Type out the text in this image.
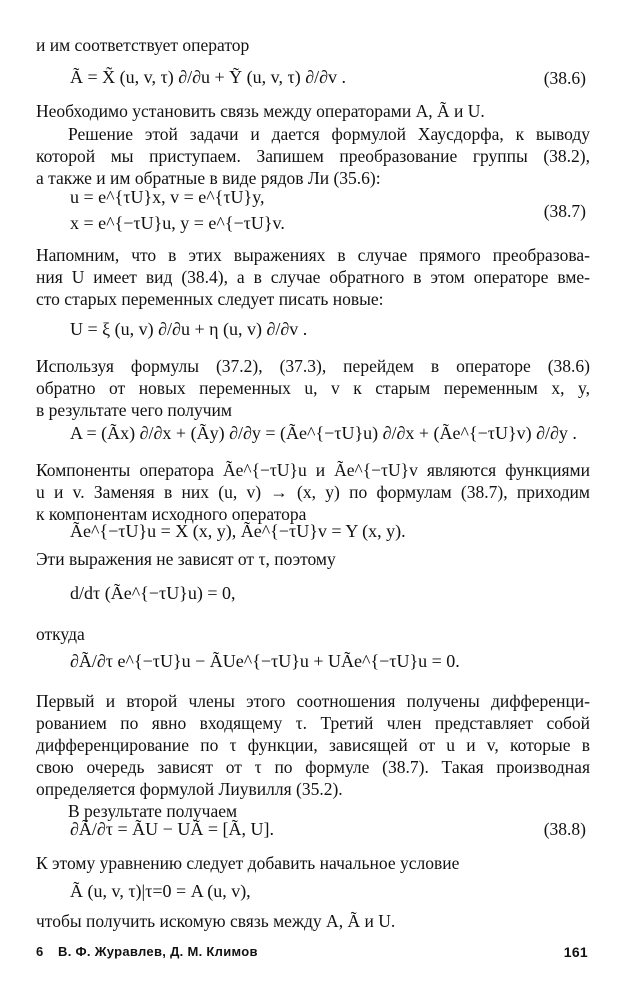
и им соответствует оператор
Ã = X̃ (u, v, τ) ∂/∂u + Ỹ (u, v, τ) ∂/∂v .	(38.6)
Необходимо установить связь между операторами A, Ã и U.
Решение этой задачи и дается формулой Хаусдорфа, к выводу
которой мы приступаем. Запишем преобразование группы (38.2),
а также и им обратные в виде рядов Ли (35.6):
u = e^{τU}x, v = e^{τU}y,
x = e^{−τU}u, y = e^{−τU}v.
(38.7)
Напомним, что в этих выражениях в случае прямого преобразова-
ния U имеет вид (38.4), а в случае обратного в этом операторе вме-
сто старых переменных следует писать новые:
U = ξ (u, v) ∂/∂u + η (u, v) ∂/∂v .
Используя формулы (37.2), (37.3), перейдем в операторе (38.6)
обратно от новых переменных u, v к старым переменным x, y,
в результате чего получим
A = (Ãx) ∂/∂x + (Ãy) ∂/∂y = (Ãe^{−τU}u) ∂/∂x + (Ãe^{−τU}v) ∂/∂y .
Компоненты оператора Ãe^{−τU}u и Ãe^{−τU}v являются функциями
u и v. Заменяя в них (u, v) → (x, y) по формулам (38.7), приходим
к компонентам исходного оператора
Ãe^{−τU}u = X (x, y), Ãe^{−τU}v = Y (x, y).
Эти выражения не зависят от τ, поэтому
d/dτ (Ãe^{−τU}u) = 0,
откуда
∂Ã/∂τ e^{−τU}u − ÃUe^{−τU}u + UÃe^{−τU}u = 0.
Первый и второй члены этого соотношения получены дифференци-
рованием по явно входящему τ. Третий член представляет собой
дифференцирование по τ функции, зависящей от u и v, которые в
свою очередь зависят от τ по формуле (38.7). Такая производная
определяется формулой Лиувилля (35.2).
В результате получаем
∂Ã/∂τ = ÃU − UÃ = [Ã, U].	(38.8)
К этому уравнению следует добавить начальное условие
Ã (u, v, τ)|τ=0 = A (u, v),
чтобы получить искомую связь между A, Ã и U.
6 В. Ф. Журавлев, Д. М. Климов	161
